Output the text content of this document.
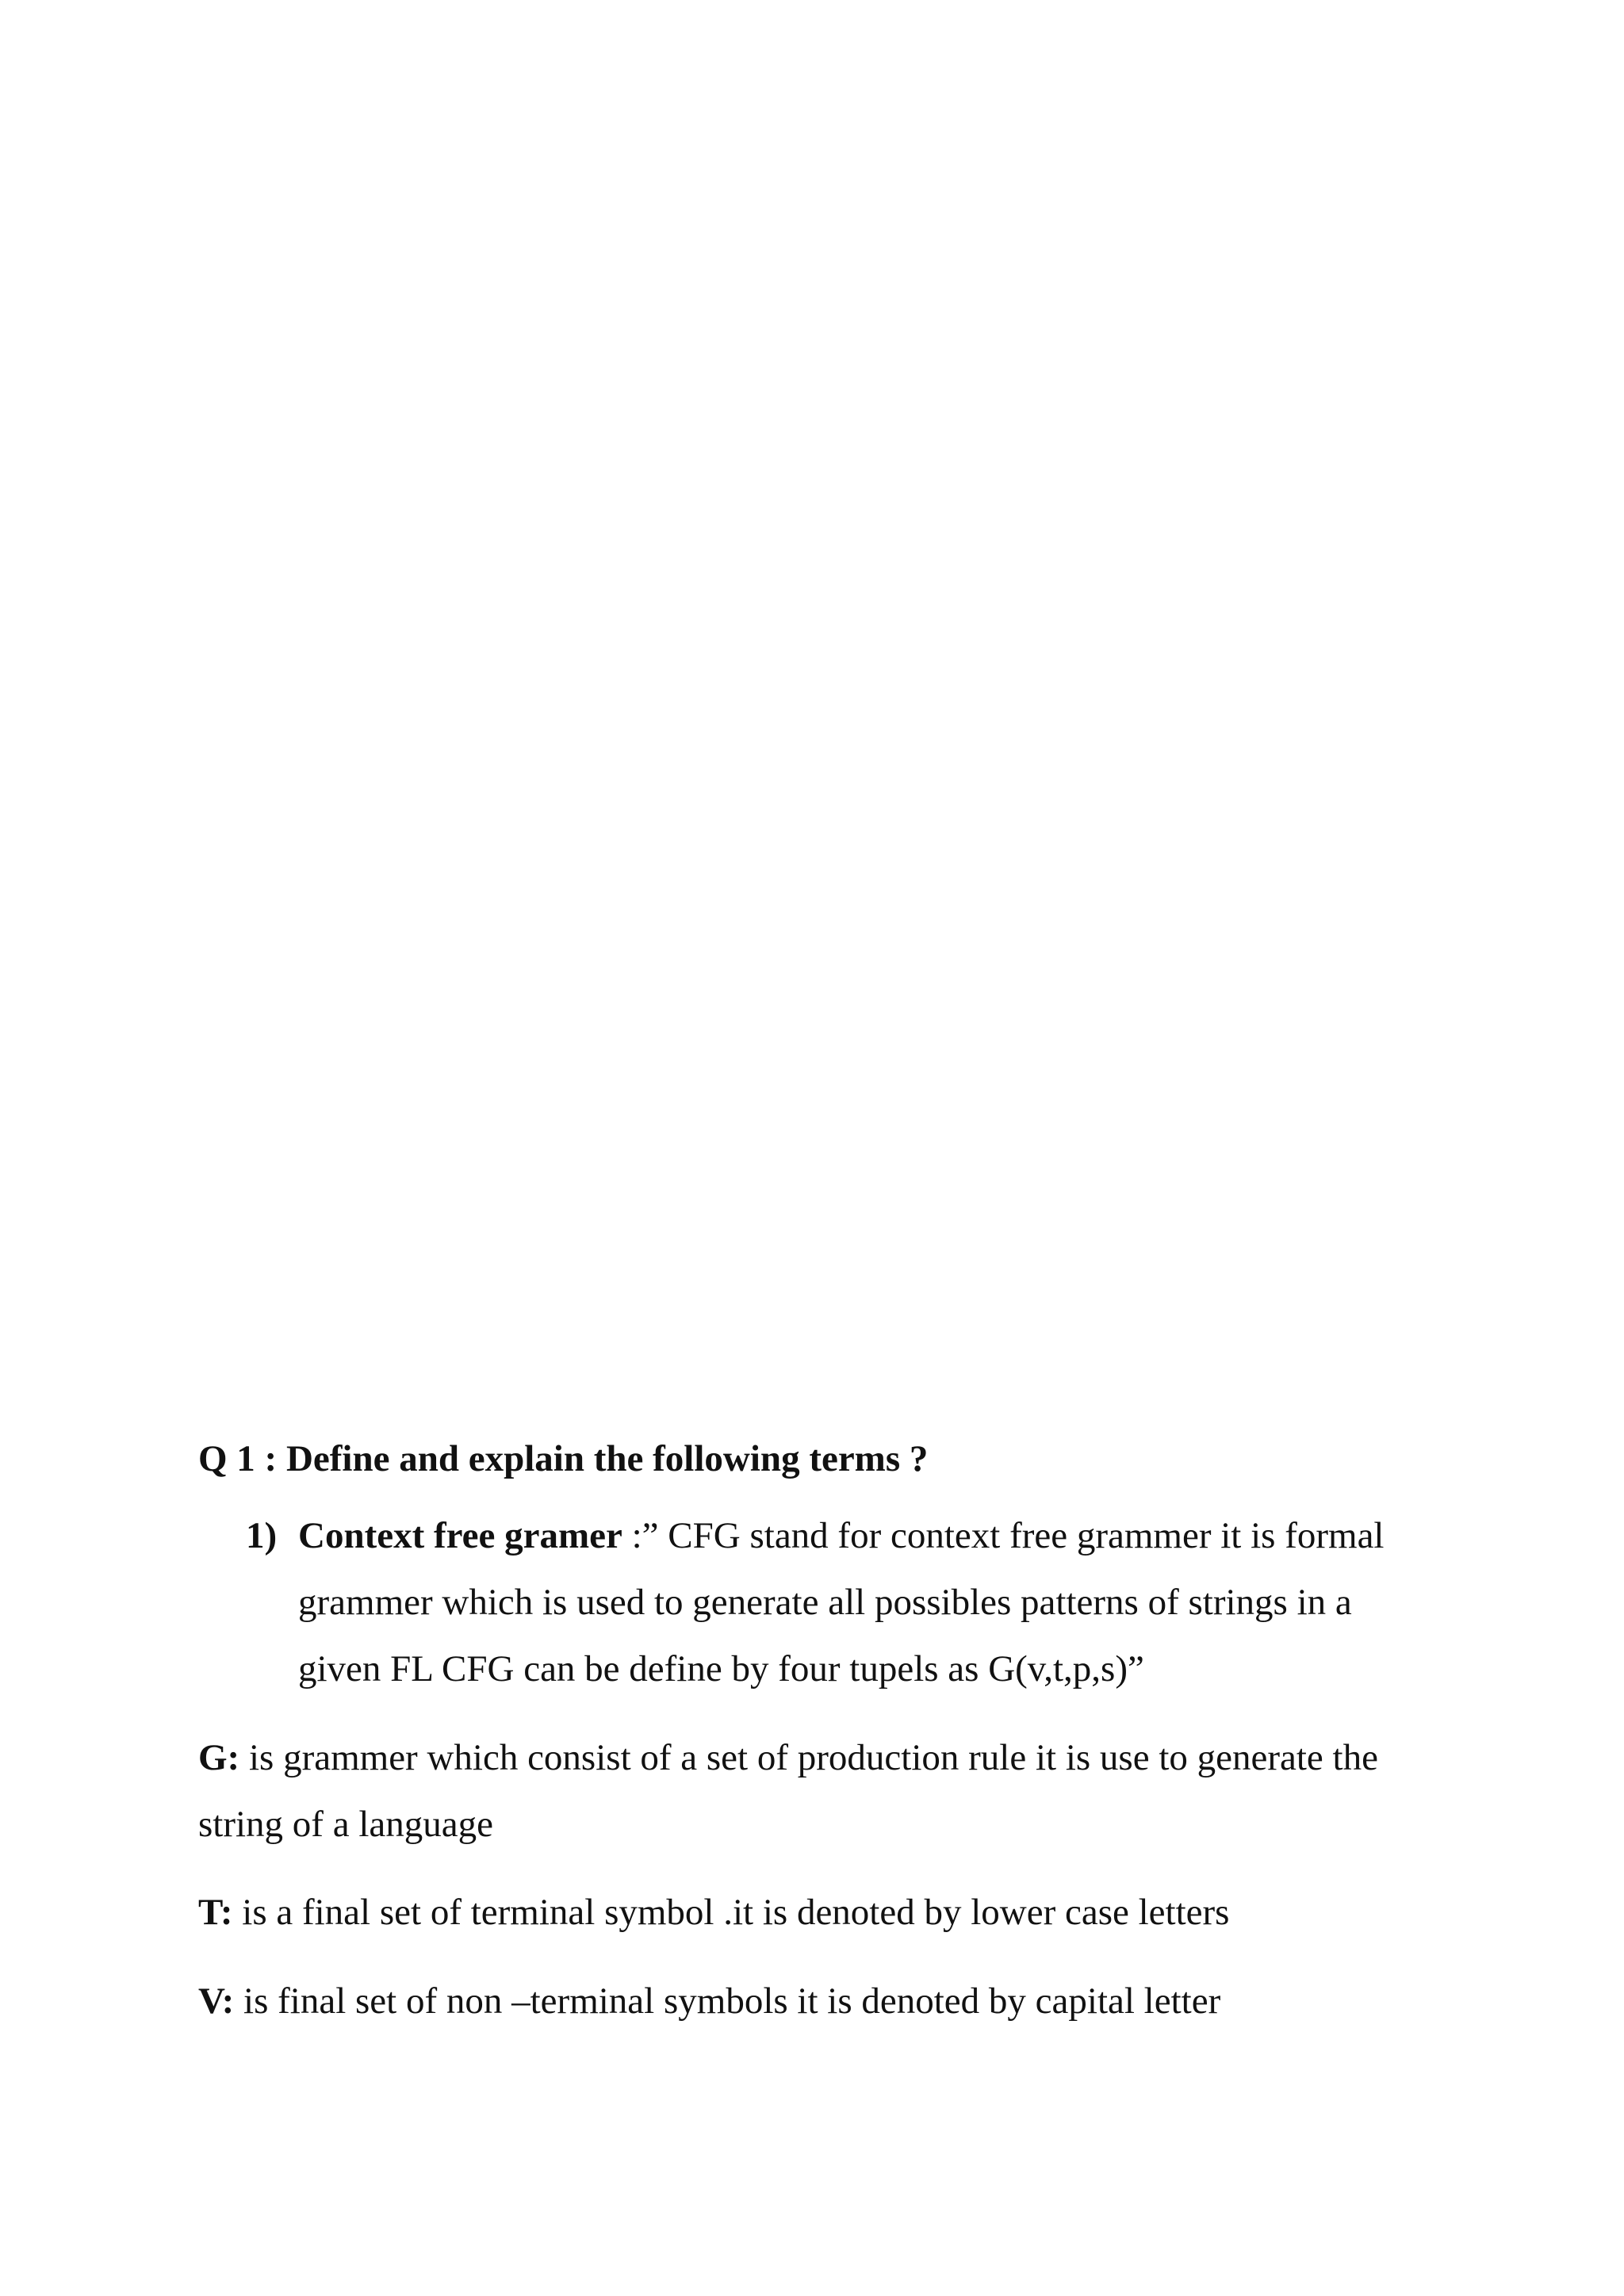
Q 1 : Define and explain the following terms ?
1) Context free gramer :” CFG stand for context free grammer it is formal grammer which is used to generate all possibles patterns of strings in a given FL CFG can be define by four tupels as G(v,t,p,s)”
G: is grammer which consist of a set of production rule it is use to generate the string of a language
T: is a final set of terminal symbol .it is denoted by lower case letters
V: is final set of non –terminal symbols it is denoted by capital letter
